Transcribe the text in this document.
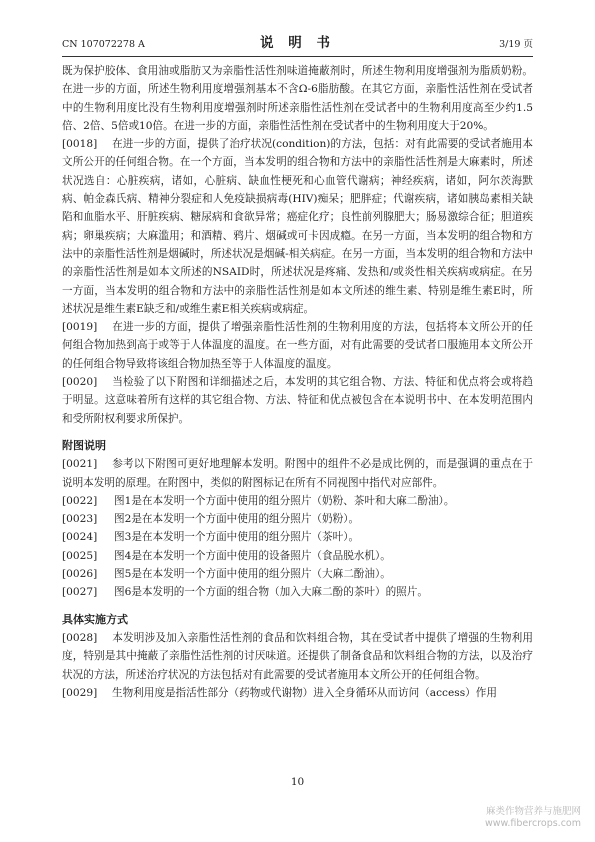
CN 107072278 A	说 明 书	3/19 页

既为保护胶体、食用油或脂肪又为亲脂性活性剂味道掩蔽剂时，所述生物利用度增强剂为脂质奶粉。在进一步的方面，所述生物利用度增强剂基本不含Ω-6脂肪酸。在其它方面，亲脂性活性剂在受试者中的生物利用度比没有生物利用度增强剂时所述亲脂性活性剂在受试者中的生物利用度高至少约1.5倍、2倍、5倍或10倍。在进一步的方面，亲脂性活性剂在受试者中的生物利用度大于20%。

[0018] 在进一步的方面，提供了治疗状况(condition)的方法，包括：对有此需要的受试者施用本文所公开的任何组合物。在一个方面，当本发明的组合物和方法中的亲脂性活性剂是大麻素时，所述状况选自：心脏疾病，诸如，心脏病、缺血性梗死和心血管代谢病；神经疾病，诸如，阿尔茨海默病、帕金森氏病、精神分裂症和人免疫缺损病毒(HIV)痴呆；肥胖症；代谢疾病，诸如胰岛素相关缺陷和血脂水平、肝脏疾病、糖尿病和食欲异常；癌症化疗；良性前列腺肥大；肠易激综合征；胆道疾病；卵巢疾病；大麻滥用；和酒精、鸦片、烟碱或可卡因成瘾。在另一方面，当本发明的组合物和方法中的亲脂性活性剂是烟碱时，所述状况是烟碱-相关病症。在另一方面，当本发明的组合物和方法中的亲脂性活性剂是如本文所述的NSAID时，所述状况是疼痛、发热和/或炎性相关疾病或病症。在另一方面，当本发明的组合物和方法中的亲脂性活性剂是如本文所述的维生素、特别是维生素E时，所述状况是维生素E缺乏和/或维生素E相关疾病或病症。

[0019] 在进一步的方面，提供了增强亲脂性活性剂的生物利用度的方法，包括将本文所公开的任何组合物加热到高于或等于人体温度的温度。在一些方面，对有此需要的受试者口服施用本文所公开的任何组合物导致将该组合物加热至等于人体温度的温度。

[0020] 当检验了以下附图和详细描述之后，本发明的其它组合物、方法、特征和优点将会或将趋于明显。这意味着所有这样的其它组合物、方法、特征和优点被包含在本说明书中、在本发明范围内和受所附权利要求所保护。

附图说明

[0021] 参考以下附图可更好地理解本发明。附图中的组件不必是成比例的，而是强调的重点在于说明本发明的原理。在附图中，类似的附图标记在所有不同视图中指代对应部件。

[0022] 图1是在本发明一个方面中使用的组分照片（奶粉、茶叶和大麻二酚油）。

[0023] 图2是在本发明一个方面中使用的组分照片（奶粉）。

[0024] 图3是在本发明一个方面中使用的组分照片（茶叶）。

[0025] 图4是在本发明一个方面中使用的设备照片（食品脱水机）。

[0026] 图5是在本发明一个方面中使用的组分照片（大麻二酚油）。

[0027] 图6是本发明的一个方面的组合物（加入大麻二酚的茶叶）的照片。

具体实施方式

[0028] 本发明涉及加入亲脂性活性剂的食品和饮料组合物，其在受试者中提供了增强的生物利用度，特别是其中掩蔽了亲脂性活性剂的讨厌味道。还提供了制备食品和饮料组合物的方法，以及治疗状况的方法，所述治疗状况的方法包括对有此需要的受试者施用本文所公开的任何组合物。

[0029] 生物利用度是指活性部分（药物或代谢物）进入全身循环从而访问（access）作用

10
麻类作物营养与施肥网
www.fibercrops.com
